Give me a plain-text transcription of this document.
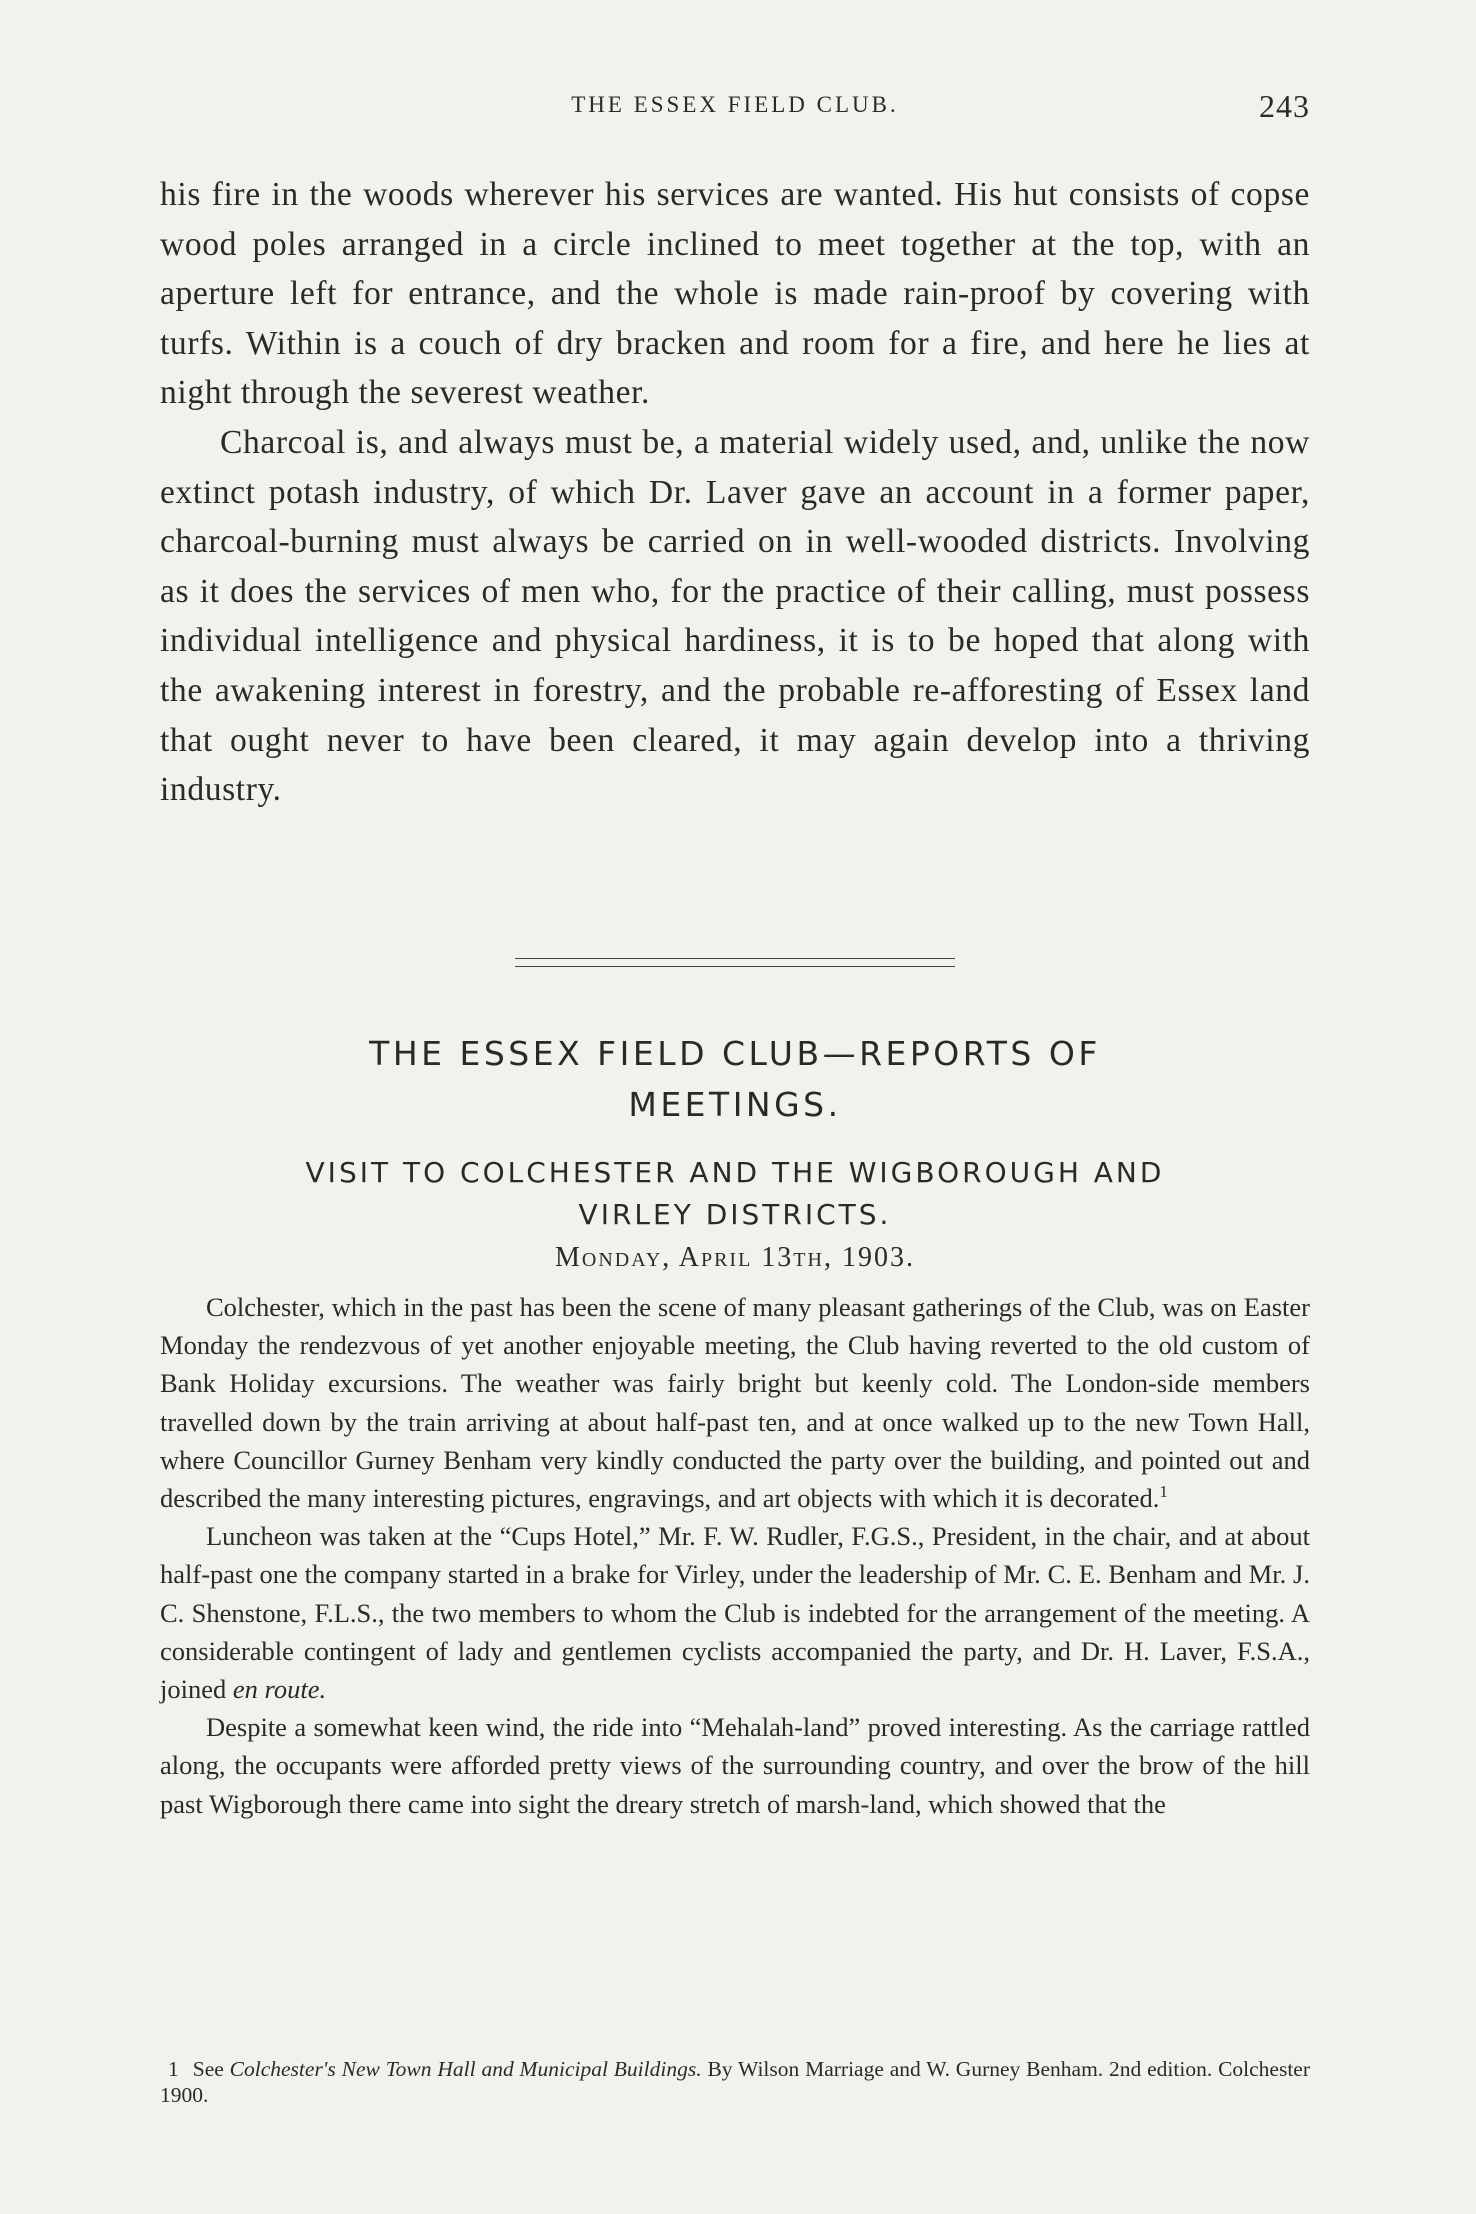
THE ESSEX FIELD CLUB.	243

his fire in the woods wherever his services are wanted. His hut consists of copse wood poles arranged in a circle inclined to meet together at the top, with an aperture left for entrance, and the whole is made rain-proof by covering with turfs. Within is a couch of dry bracken and room for a fire, and here he lies at night through the severest weather.

Charcoal is, and always must be, a material widely used, and, unlike the now extinct potash industry, of which Dr. Laver gave an account in a former paper, charcoal-burning must always be carried on in well-wooded districts. Involving as it does the services of men who, for the practice of their calling, must possess individual intelligence and physical hardiness, it is to be hoped that along with the awakening interest in forestry, and the probable re-afforesting of Essex land that ought never to have been cleared, it may again develop into a thriving industry.

THE ESSEX FIELD CLUB—REPORTS OF
MEETINGS.
VISIT TO COLCHESTER AND THE WIGBOROUGH AND
VIRLEY DISTRICTS.
Monday, April 13th, 1903.

Colchester, which in the past has been the scene of many pleasant gatherings of the Club, was on Easter Monday the rendezvous of yet another enjoyable meeting, the Club having reverted to the old custom of Bank Holiday excursions. The weather was fairly bright but keenly cold. The London-side members travelled down by the train arriving at about half-past ten, and at once walked up to the new Town Hall, where Councillor Gurney Benham very kindly conducted the party over the building, and pointed out and described the many interesting pictures, engravings, and art objects with which it is decorated.$^1$

Luncheon was taken at the “Cups Hotel,” Mr. F. W. Rudler, F.G.S., President, in the chair, and at about half-past one the company started in a brake for Virley, under the leadership of Mr. C. E. Benham and Mr. J. C. Shenstone, F.L.S., the two members to whom the Club is indebted for the arrangement of the meeting. A considerable contingent of lady and gentlemen cyclists accompanied the party, and Dr. H. Laver, F.S.A., joined en route.

Despite a somewhat keen wind, the ride into “Mehalah-land” proved interesting. As the carriage rattled along, the occupants were afforded pretty views of the surrounding country, and over the brow of the hill past Wigborough there came into sight the dreary stretch of marsh-land, which showed that the

1 See Colchester's New Town Hall and Municipal Buildings. By Wilson Marriage and W. Gurney Benham. 2nd edition. Colchester 1900.
